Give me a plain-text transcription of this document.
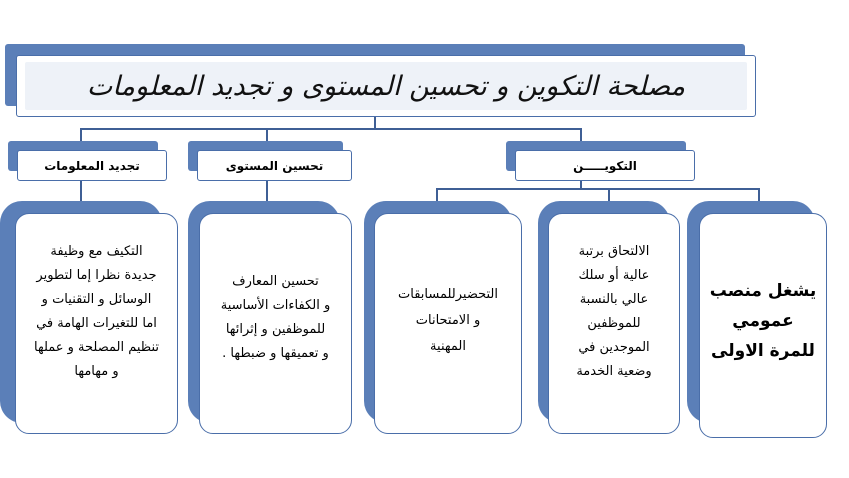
مصلحة التكوين و تحسين المستوى و تجديد المعلومات
تجديد المعلومات	تحسين المستوى	التكويـــــن
التكيف مع وظيفة
جديدة نظرا إما لتطوير
الوسائل و التقنيات و
اما للتغيرات الهامة في
تنظيم المصلحة و عملها
و مهامها
تحسين المعارف
و الكفاءات الأساسية
للموظفين و إثرائها
و تعميقها و ضبطها .
التحضيرللمسابقات
و الامتحانات
المهنية
الالتحاق برتبة
عالية أو سلك
عالي بالنسبة
للموظفين
الموجدين في
وضعية الخدمة
يشغل منصب
عمومي
للمرة الاولى
